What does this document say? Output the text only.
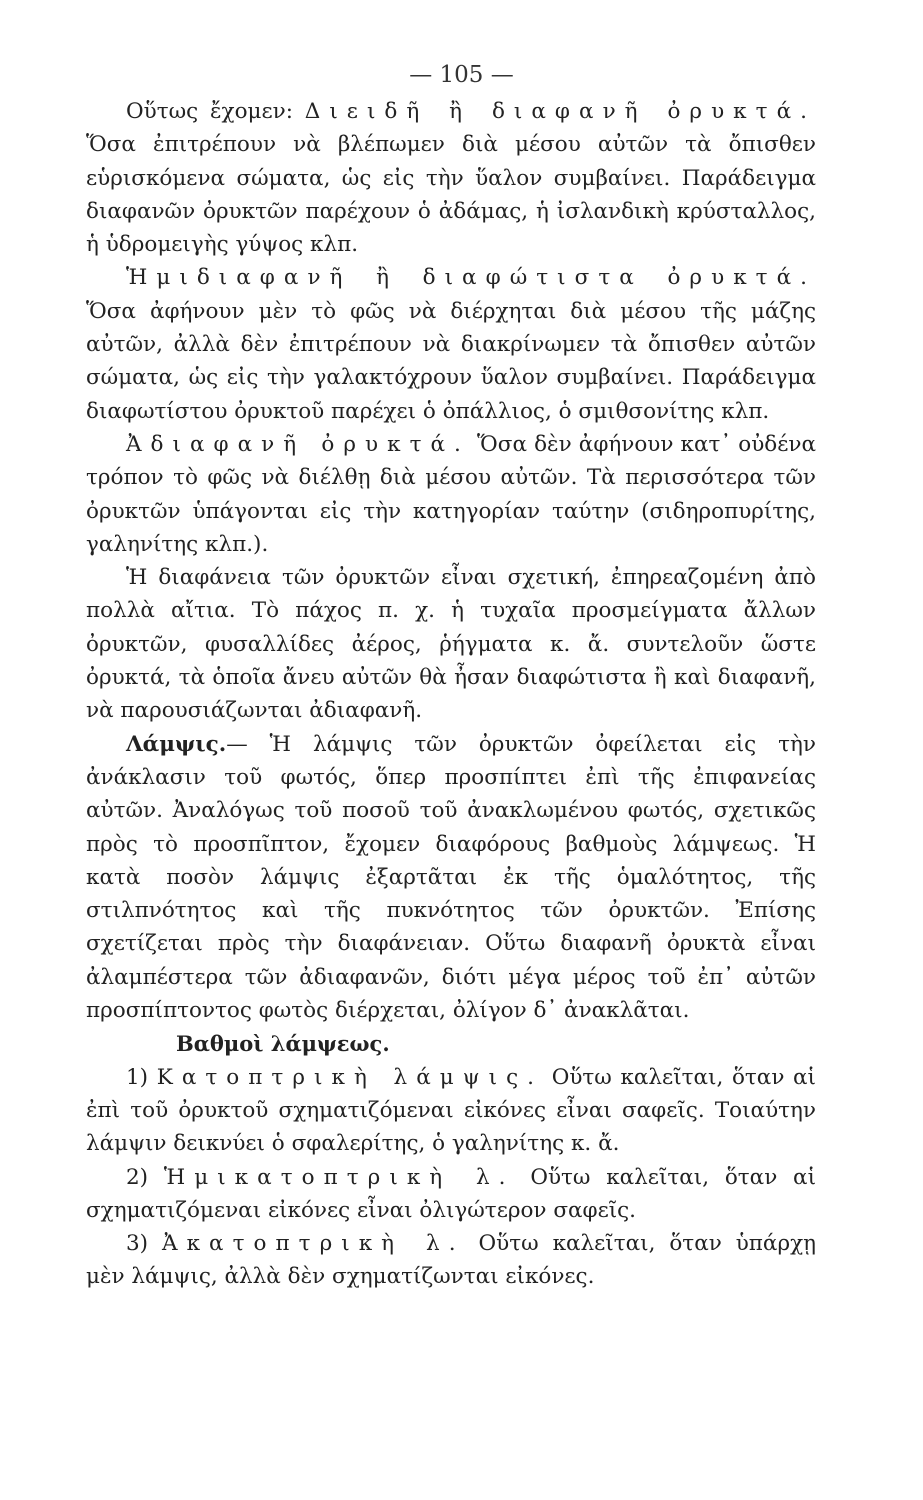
— 105 —

Οὕτως ἔχομεν: Διειδῆ ἢ διαφανῆ ὀρυκτά. Ὅσα ἐπιτρέπουν νὰ βλέπωμεν διὰ μέσου αὐτῶν τὰ ὄπισθεν εὑρισκόμενα σώματα, ὡς εἰς τὴν ὕαλον συμβαίνει. Παράδειγμα διαφανῶν ὀρυκτῶν παρέχουν ὁ ἀδάμας, ἡ ἰσλανδικὴ κρύσταλλος, ἡ ὑδρομειγὴς γύψος κλπ.

Ἡμιδιαφανῆ ἢ διαφώτιστα ὀρυκτά. Ὅσα ἀφήνουν μὲν τὸ φῶς νὰ διέρχηται διὰ μέσου τῆς μάζης αὐτῶν, ἀλλὰ δὲν ἐπιτρέπουν νὰ διακρίνωμεν τὰ ὄπισθεν αὐτῶν σώματα, ὡς εἰς τὴν γαλακτόχρουν ὕαλον συμβαίνει. Παράδειγμα διαφωτίστου ὀρυκτοῦ παρέχει ὁ ὀπάλλιος, ὁ σμιθσονίτης κλπ.

Ἀδιαφανῆ ὀρυκτά. Ὅσα δὲν ἀφήνουν κατ᾽ οὐδένα τρόπον τὸ φῶς νὰ διέλθῃ διὰ μέσου αὐτῶν. Τὰ περισσότερα τῶν ὀρυκτῶν ὑπάγονται εἰς τὴν κατηγορίαν ταύτην (σιδηροπυρίτης, γαληνίτης κλπ.).

Ἡ διαφάνεια τῶν ὀρυκτῶν εἶναι σχετική, ἐπηρεαζομένη ἀπὸ πολλὰ αἴτια. Τὸ πάχος π. χ. ἡ τυχαῖα προσμείγματα ἄλλων ὀρυκτῶν, φυσαλλίδες ἀέρος, ῥήγματα κ. ἄ. συντελοῦν ὥστε ὀρυκτά, τὰ ὁποῖα ἄνευ αὐτῶν θὰ ἦσαν διαφώτιστα ἢ καὶ διαφανῆ, νὰ παρουσιάζωνται ἀδιαφανῆ.

Λάμψις.— Ἡ λάμψις τῶν ὀρυκτῶν ὀφείλεται εἰς τὴν ἀνάκλασιν τοῦ φωτός, ὅπερ προσπίπτει ἐπὶ τῆς ἐπιφανείας αὐτῶν. Ἀναλόγως τοῦ ποσοῦ τοῦ ἀνακλωμένου φωτός, σχετικῶς πρὸς τὸ προσπῖπτον, ἔχομεν διαφόρους βαθμοὺς λάμψεως. Ἡ κατὰ ποσὸν λάμψις ἐξαρτᾶται ἐκ τῆς ὁμαλότητος, τῆς στιλπνότητος καὶ τῆς πυκνότητος τῶν ὀρυκτῶν. Ἐπίσης σχετίζεται πρὸς τὴν διαφάνειαν. Οὕτω διαφανῆ ὀρυκτὰ εἶναι ἀλαμπέστερα τῶν ἀδιαφανῶν, διότι μέγα μέρος τοῦ ἐπ᾽ αὐτῶν προσπίπτοντος φωτὸς διέρχεται, ὀλίγον δ᾽ ἀνακλᾶται.

Βαθμοὶ λάμψεως.

1) Κατοπτρικὴ λάμψις. Οὕτω καλεῖται, ὅταν αἱ ἐπὶ τοῦ ὀρυκτοῦ σχηματιζόμεναι εἰκόνες εἶναι σαφεῖς. Τοιαύτην λάμψιν δεικνύει ὁ σφαλερίτης, ὁ γαληνίτης κ. ἄ.

2) Ἡμικατοπτρικὴ λ. Οὕτω καλεῖται, ὅταν αἱ σχηματιζόμεναι εἰκόνες εἶναι ὀλιγώτερον σαφεῖς.

3) Ἀκατοπτρικὴ λ. Οὕτω καλεῖται, ὅταν ὑπάρχῃ μὲν λάμψις, ἀλλὰ δὲν σχηματίζωνται εἰκόνες.
